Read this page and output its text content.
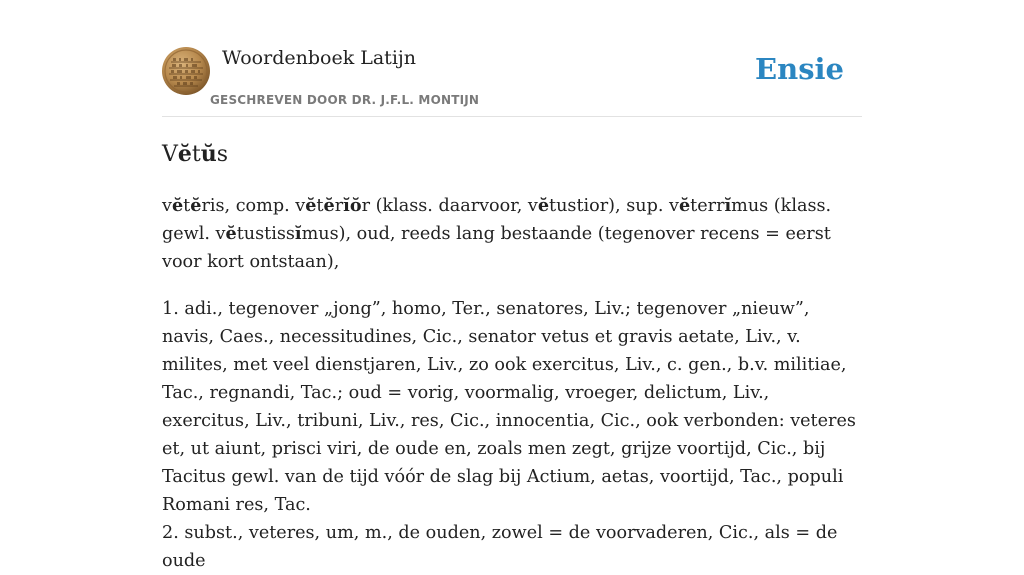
Woordenboek Latijn
GESCHREVEN DOOR DR. J.F.L. MONTIJN
Ensie
Vĕtŭs

vĕtĕris, comp. vĕtĕrĭŏr (klass. daarvoor, vĕtustior), sup. vĕterrĭmus (klass. gewl. vĕtustissĭmus), oud, reeds lang bestaande (tegenover recens = eerst voor kort ontstaan),

1. adi., tegenover „jong”, homo, Ter., senatores, Liv.; tegenover „nieuw”, navis, Caes., necessitudines, Cic., senator vetus et gravis aetate, Liv., v. milites, met veel dienstjaren, Liv., zo ook exercitus, Liv., c. gen., b.v. militiae, Tac., regnandi, Tac.; oud = vorig, voormalig, vroeger, delictum, Liv., exercitus, Liv., tribuni, Liv., res, Cic., innocentia, Cic., ook verbonden: veteres et, ut aiunt, prisci viri, de oude en, zoals men zegt, grijze voortijd, Cic., bij Tacitus gewl. van de tijd vóór de slag bij Actium, aetas, voortijd, Tac., populi Romani res, Tac.
2. subst., veteres, um, m., de ouden, zowel = de voorvaderen, Cic., als = de oude
